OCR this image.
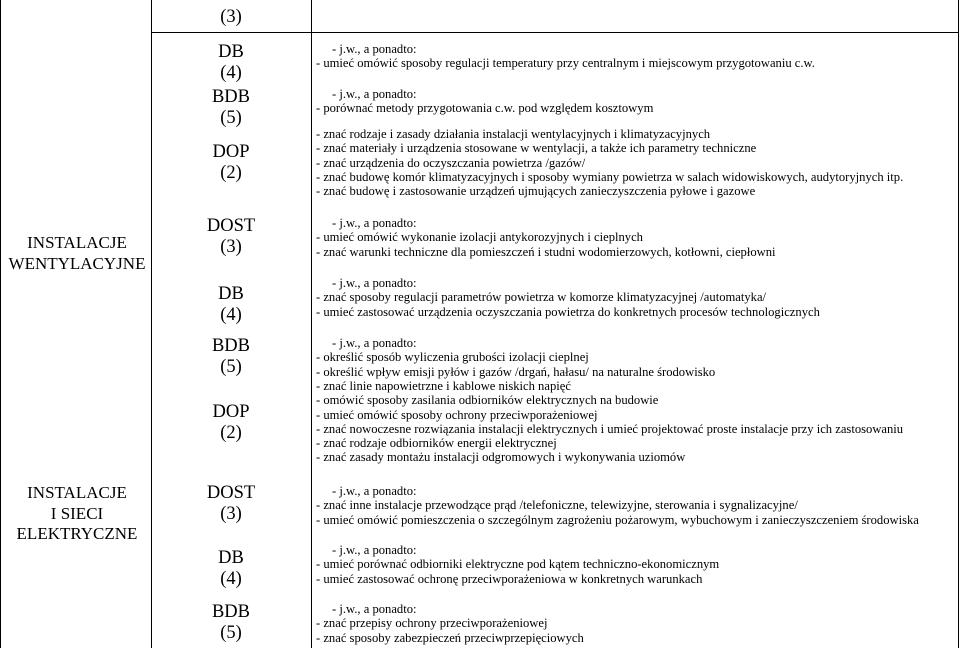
(3)
INSTALACJE
WENTYLACYJNE
INSTALACJE
I SIECI
ELEKTRYCZNE
DB
(4)
BDB
(5)
DOP
(2)
DOST
(3)
DB
(4)
BDB
(5)
DOP
(2)
DOST
(3)
DB
(4)
BDB
(5)
- j.w., a ponadto:
- umieć omówić sposoby regulacji temperatury przy centralnym i miejscowym przygotowaniu c.w.
- j.w., a ponadto:
- porównać metody przygotowania c.w. pod względem kosztowym
- znać rodzaje i zasady działania instalacji wentylacyjnych i klimatyzacyjnych
- znać materiały i urządzenia stosowane w wentylacji, a także ich parametry techniczne
- znać urządzenia do oczyszczania powietrza /gazów/
- znać budowę komór klimatyzacyjnych i sposoby wymiany powietrza w salach widowiskowych, audytoryjnych itp.
- znać budowę i zastosowanie urządzeń ujmujących zanieczyszczenia pyłowe i gazowe
- j.w., a ponadto:
- umieć omówić wykonanie izolacji antykorozyjnych i cieplnych
- znać warunki techniczne dla pomieszczeń i studni wodomierzowych, kotłowni, ciepłowni
- j.w., a ponadto:
- znać sposoby regulacji parametrów powietrza w komorze klimatyzacyjnej /automatyka/
- umieć zastosować urządzenia oczyszczania powietrza do konkretnych procesów technologicznych
- j.w., a ponadto:
- określić sposób wyliczenia grubości izolacji cieplnej
- określić wpływ emisji pyłów i gazów /drgań, hałasu/ na naturalne środowisko
- znać linie napowietrzne i kablowe niskich napięć
- omówić sposoby zasilania odbiorników elektrycznych na budowie
- umieć omówić sposoby ochrony przeciwporażeniowej
- znać nowoczesne rozwiązania instalacji elektrycznych i umieć projektować proste instalacje przy ich zastosowaniu
- znać rodzaje odbiorników energii elektrycznej
- znać zasady montażu instalacji odgromowych i wykonywania uziomów
- j.w., a ponadto:
- znać inne instalacje przewodzące prąd /telefoniczne, telewizyjne, sterowania i sygnalizacyjne/
- umieć omówić pomieszczenia o szczególnym zagrożeniu pożarowym, wybuchowym i zanieczyszczeniem środowiska
- j.w., a ponadto:
- umieć porównać odbiorniki elektryczne pod kątem techniczno-ekonomicznym
- umieć zastosować ochronę przeciwporażeniowa w konkretnych warunkach
- j.w., a ponadto:
- znać przepisy ochrony przeciwporażeniowej
- znać sposoby zabezpieczeń przeciwprzepięciowych
